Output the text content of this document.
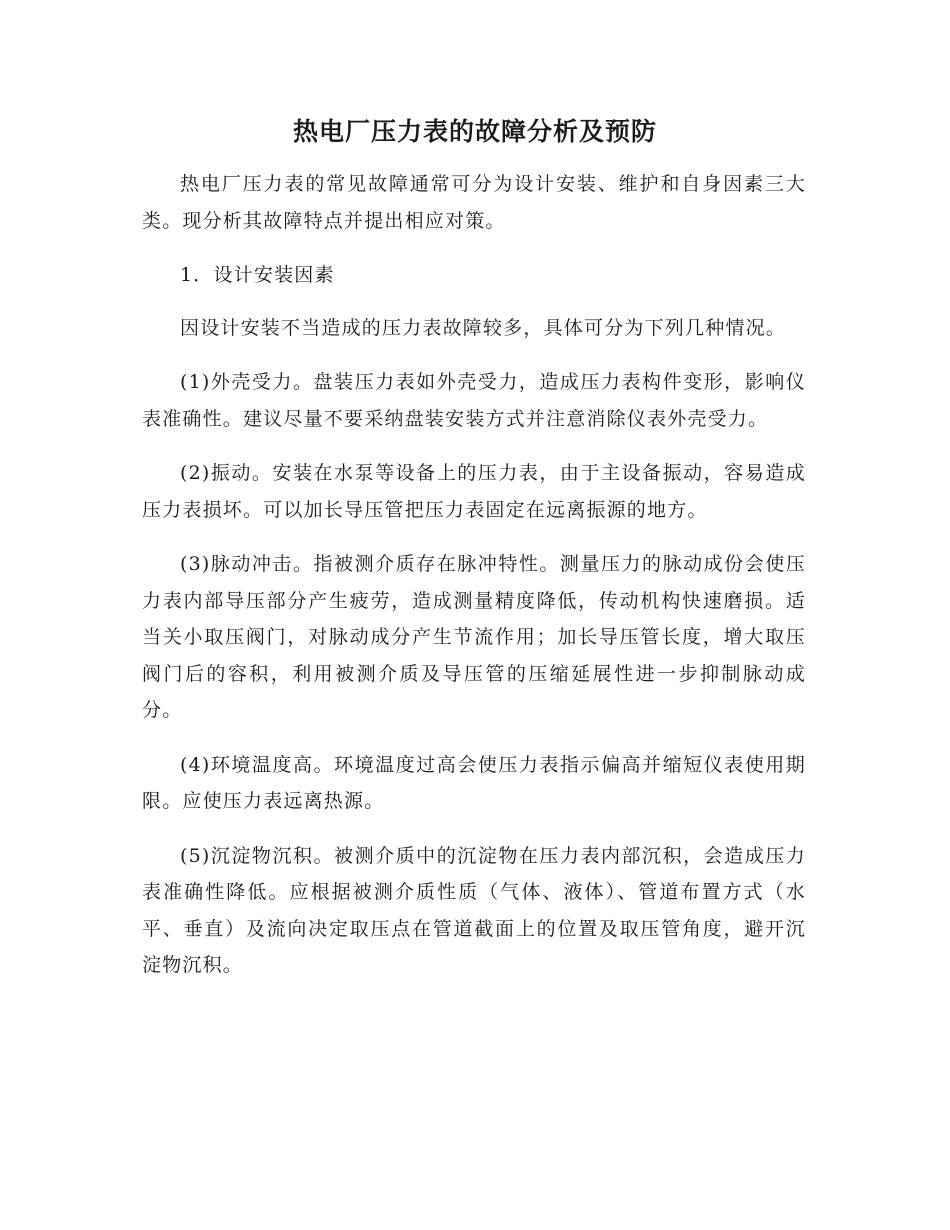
热电厂压力表的故障分析及预防

热电厂压力表的常见故障通常可分为设计安装、维护和自身因素三大类。现分析其故障特点并提出相应对策。

1．设计安装因素

因设计安装不当造成的压力表故障较多，具体可分为下列几种情况。

(1)外壳受力。盘装压力表如外壳受力，造成压力表构件变形，影响仪表准确性。建议尽量不要采纳盘装安装方式并注意消除仪表外壳受力。

(2)振动。安装在水泵等设备上的压力表，由于主设备振动，容易造成压力表损坏。可以加长导压管把压力表固定在远离振源的地方。

(3)脉动冲击。指被测介质存在脉冲特性。测量压力的脉动成份会使压力表内部导压部分产生疲劳，造成测量精度降低，传动机构快速磨损。适当关小取压阀门，对脉动成分产生节流作用；加长导压管长度，增大取压阀门后的容积，利用被测介质及导压管的压缩延展性进一步抑制脉动成分。

(4)环境温度高。环境温度过高会使压力表指示偏高并缩短仪表使用期限。应使压力表远离热源。

(5)沉淀物沉积。被测介质中的沉淀物在压力表内部沉积，会造成压力表准确性降低。应根据被测介质性质（气体、液体）、管道布置方式（水平、垂直）及流向决定取压点在管道截面上的位置及取压管角度，避开沉淀物沉积。
